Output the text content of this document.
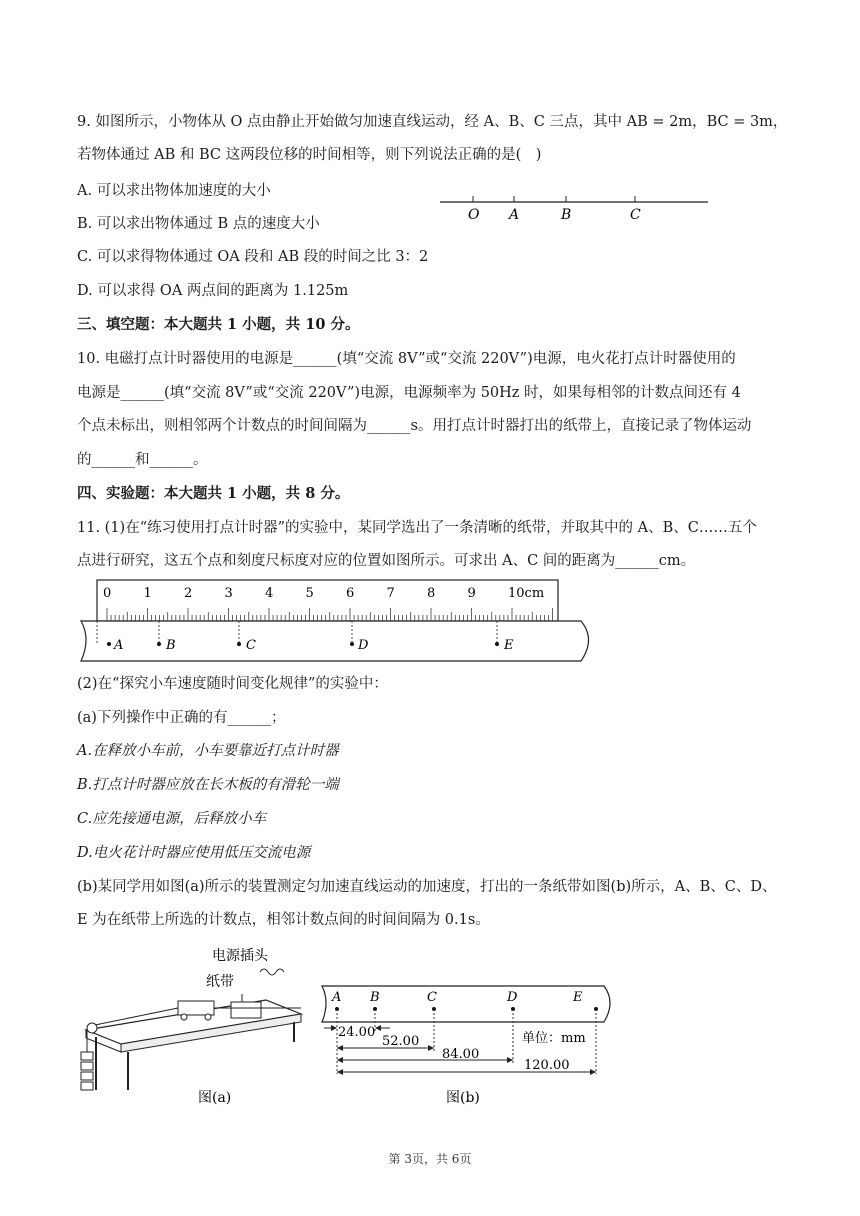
9. 如图所示，小物体从 O 点由静止开始做匀加速直线运动，经 A、B、C 三点，其中 AB = 2m，BC = 3m，
若物体通过 AB 和 BC 这两段位移的时间相等，则下列说法正确的是(　)
A. 可以求出物体加速度的大小
B. 可以求出物体通过 B 点的速度大小
C. 可以求得物体通过 OA 段和 AB 段的时间之比 3：2
D. 可以求得 OA 两点间的距离为 1.125m
O A	B	C
三、填空题：本大题共 1 小题，共 10 分。
10. 电磁打点计时器使用的电源是______(填“交流 8V”或“交流 220V”)电源，电火花打点计时器使用的
电源是______(填“交流 8V”或“交流 220V”)电源，电源频率为 50Hz 时，如果每相邻的计数点间还有 4
个点未标出，则相邻两个计数点的时间间隔为______s。用打点计时器打出的纸带上，直接记录了物体运动
的______和______。
四、实验题：本大题共 1 小题，共 8 分。
11. (1)在“练习使用打点计时器”的实验中，某同学选出了一条清晰的纸带，并取其中的 A、B、C……五个
点进行研究，这五个点和刻度尺标度对应的位置如图所示。可求出 A、C 间的距离为______cm。
0 1 2 3 4 5 6 7 8 9 10cm
A	B	C	D	E
(2)在“探究小车速度随时间变化规律”的实验中：
(a)下列操作中正确的有______；
A.在释放小车前，小车要靠近打点计时器
B.打点计时器应放在长木板的有滑轮一端
C.应先接通电源，后释放小车
D.电火花计时器应使用低压交流电源
(b)某同学用如图(a)所示的装置测定匀加速直线运动的加速度，打出的一条纸带如图(b)所示，A、B、C、D、
E 为在纸带上所选的计数点，相邻计数点间的时间间隔为 0.1s。
电源插头
纸带
图(a)
A B	C	D	E
24.00
52.00
84.00
120.00
单位：mm
图(b)
第 3页，共 6页
